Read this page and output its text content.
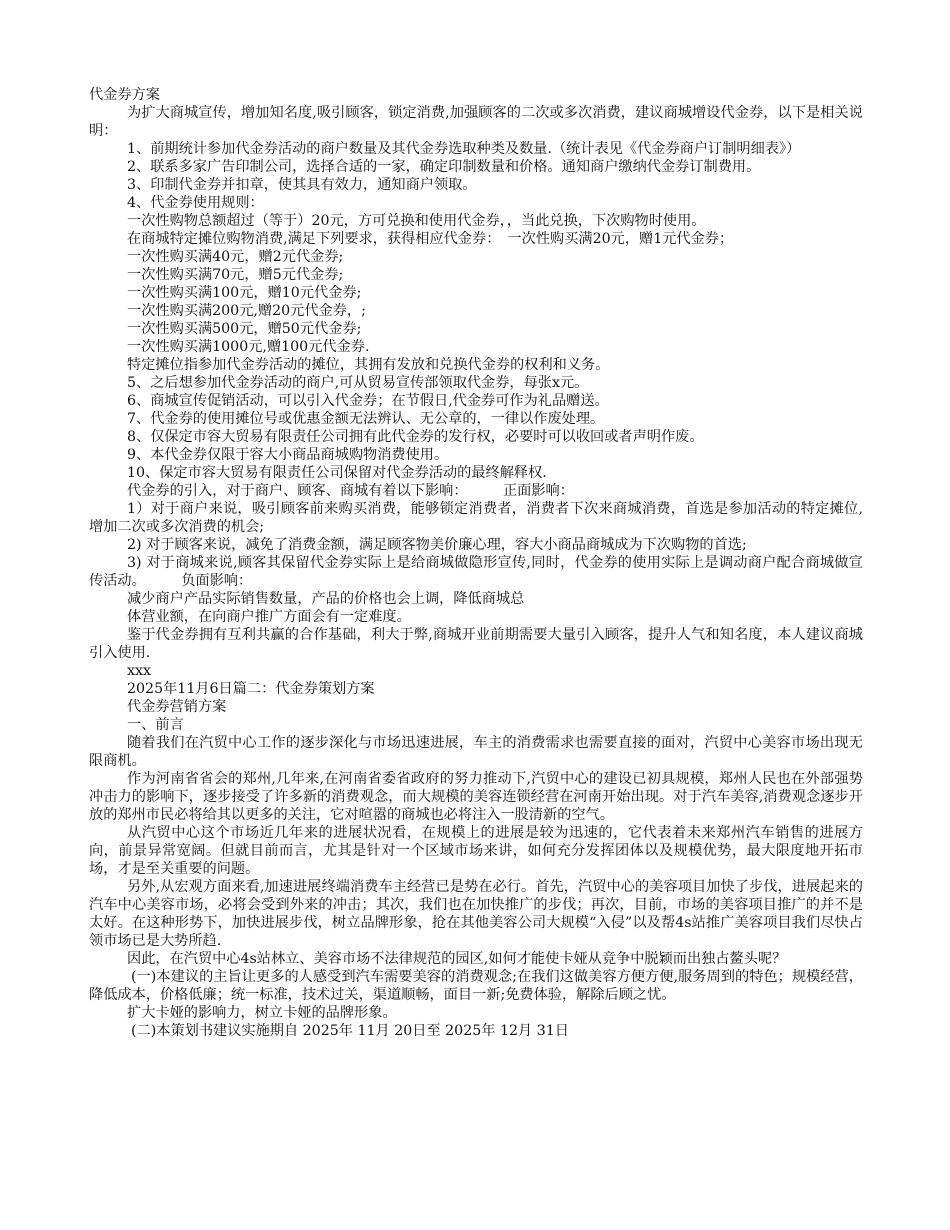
代金券方案

为扩大商城宣传，增加知名度,吸引顾客，锁定消费,加强顾客的二次或多次消费，建议商城增设代金券，以下是相关说明：

1、前期统计参加代金券活动的商户数量及其代金券选取种类及数量.（统计表见《代金券商户订制明细表》）

2、联系多家广告印制公司，选择合适的一家，确定印制数量和价格。通知商户缴纳代金券订制费用。

3、印制代金券并扣章，使其具有效力，通知商户领取。

4、代金券使用规则：

一次性购物总额超过（等于）20元，方可兑换和使用代金券，，当此兑换，下次购物时使用。

在商城特定摊位购物消费,满足下列要求，获得相应代金券：　一次性购买满20元，赠1元代金券；

一次性购买满40元，赠2元代金券;

一次性购买满70元，赠5元代金券;

一次性购买满100元，赠10元代金券;

一次性购买满200元,赠20元代金券，;

一次性购买满500元，赠50元代金券;

一次性购买满1000元,赠100元代金券.

特定摊位指参加代金券活动的摊位，其拥有发放和兑换代金券的权利和义务。

5、之后想参加代金券活动的商户,可从贸易宣传部领取代金券，每张x元。

6、商城宣传促销活动，可以引入代金券；在节假日,代金券可作为礼品赠送。

7、代金券的使用摊位号或优惠金额无法辨认、无公章的，一律以作废处理。

8、仅保定市容大贸易有限责任公司拥有此代金券的发行权，必要时可以收回或者声明作废。

9、本代金券仅限于容大小商品商城购物消费使用。

10、保定市容大贸易有限责任公司保留对代金券活动的最终解释权.

代金券的引入，对于商户、顾客、商城有着以下影响：　　　正面影响：

1）对于商户来说，吸引顾客前来购买消费，能够锁定消费者，消费者下次来商城消费，首选是参加活动的特定摊位,增加二次或多次消费的机会;

2) 对于顾客来说，减免了消费金额，满足顾客物美价廉心理，容大小商品商城成为下次购物的首选;

3) 对于商城来说,顾客其保留代金券实际上是给商城做隐形宣传,同时，代金券的使用实际上是调动商户配合商城做宣传活动。　　　负面影响：

减少商户产品实际销售数量，产品的价格也会上调，降低商城总

体营业额，在向商户推广方面会有一定难度。

鉴于代金券拥有互利共赢的合作基础，利大于弊,商城开业前期需要大量引入顾客，提升人气和知名度，本人建议商城引入使用.

xxx

2025年11月6日篇二：代金券策划方案

代金券营销方案

一、前言

随着我们在汽贸中心工作的逐步深化与市场迅速进展，车主的消费需求也需要直接的面对，汽贸中心美容市场出现无限商机。

作为河南省省会的郑州,几年来,在河南省委省政府的努力推动下,汽贸中心的建设已初具规模，郑州人民也在外部强势冲击力的影响下，逐步接受了许多新的消费观念，而大规模的美容连锁经营在河南开始出现。对于汽车美容,消费观念逐步开放的郑州市民必将给其以更多的关注，它对喧嚣的商城也必将注入一股清新的空气。

从汽贸中心这个市场近几年来的进展状况看，在规模上的进展是较为迅速的，它代表着未来郑州汽车销售的进展方向，前景异常宽阔。但就目前而言，尤其是针对一个区域市场来讲，如何充分发挥团体以及规模优势，最大限度地开拓市场，才是至关重要的问题。

另外,从宏观方面来看,加速进展终端消费车主经营已是势在必行。首先，汽贸中心的美容项目加快了步伐，进展起来的汽车中心美容市场，必将会受到外来的冲击；其次，我们也在加快推广的步伐；再次，目前，市场的美容项目推广的并不是太好。在这种形势下，加快进展步伐，树立品牌形象，抢在其他美容公司大规模“入侵”以及帮4s站推广美容项目我们尽快占领市场已是大势所趋.

因此，在汽贸中心4s站林立、美容市场不法律规范的园区,如何才能使卡娅从竞争中脱颖而出独占鳌头呢？

(一)本建议的主旨让更多的人感受到汽车需要美容的消费观念;在我们这做美容方便方便,服务周到的特色；规模经营，降低成本，价格低廉；统一标准，技术过关，渠道顺畅，面目一新;免费体验，解除后顾之忧。

扩大卡娅的影响力，树立卡娅的品牌形象。

(二)本策划书建议实施期自 2025年 11月 20日至 2025年 12月 31日
